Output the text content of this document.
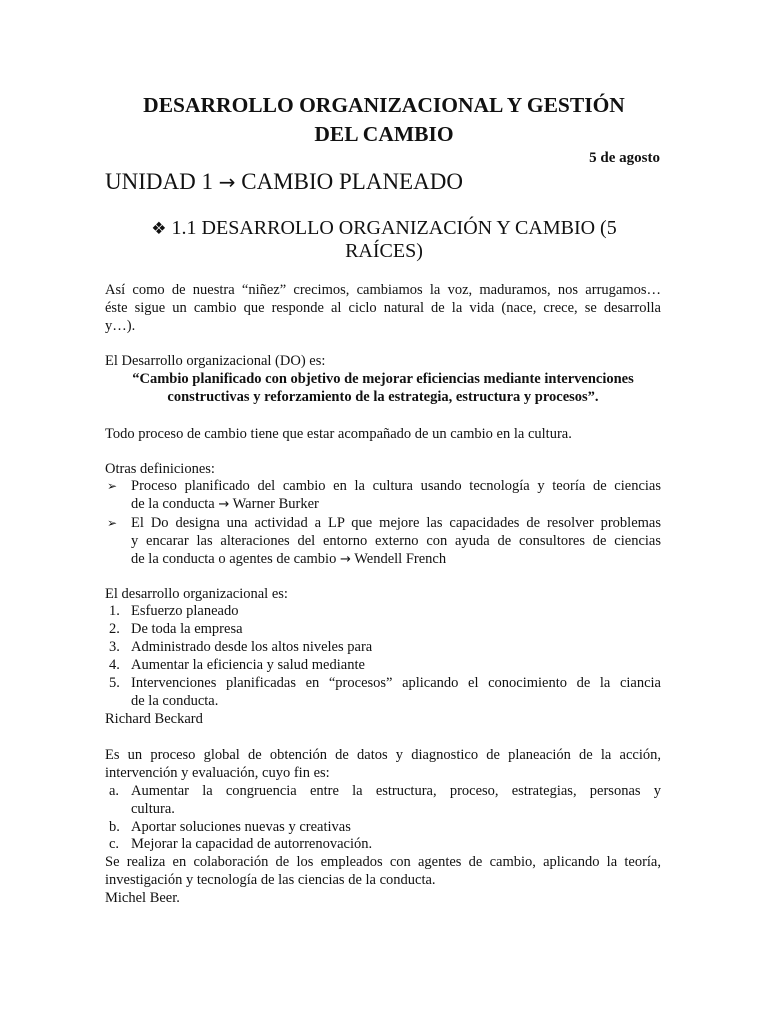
DESARROLLO ORGANIZACIONAL Y GESTIÓN
DEL CAMBIO
5 de agosto
UNIDAD 1 → CAMBIO PLANEADO
❖ 1.1 DESARROLLO ORGANIZACIÓN Y CAMBIO (5
RAÍCES)
Así como de nuestra “niñez” crecimos, cambiamos la voz, maduramos, nos arrugamos…
éste sigue un cambio que responde al ciclo natural de la vida (nace, crece, se desarrolla
y…).
El Desarrollo organizacional (DO) es:
“Cambio planificado con objetivo de mejorar eficiencias mediante intervenciones
constructivas y reforzamiento de la estrategia, estructura y procesos”.
Todo proceso de cambio tiene que estar acompañado de un cambio en la cultura.
Otras definiciones:
➢ Proceso planificado del cambio en la cultura usando tecnología y teoría de ciencias
de la conducta → Warner Burker
➢ El Do designa una actividad a LP que mejore las capacidades de resolver problemas
y encarar las alteraciones del entorno externo con ayuda de consultores de ciencias
de la conducta o agentes de cambio → Wendell French
El desarrollo organizacional es:
1. Esfuerzo planeado
2. De toda la empresa
3. Administrado desde los altos niveles para
4. Aumentar la eficiencia y salud mediante
5. Intervenciones planificadas en “procesos” aplicando el conocimiento de la ciancia
de la conducta.
Richard Beckard
Es un proceso global de obtención de datos y diagnostico de planeación de la acción,
intervención y evaluación, cuyo fin es:
a. Aumentar la congruencia entre la estructura, proceso, estrategias, personas y
cultura.
b. Aportar soluciones nuevas y creativas
c. Mejorar la capacidad de autorrenovación.
Se realiza en colaboración de los empleados con agentes de cambio, aplicando la teoría,
investigación y tecnología de las ciencias de la conducta.
Michel Beer.
